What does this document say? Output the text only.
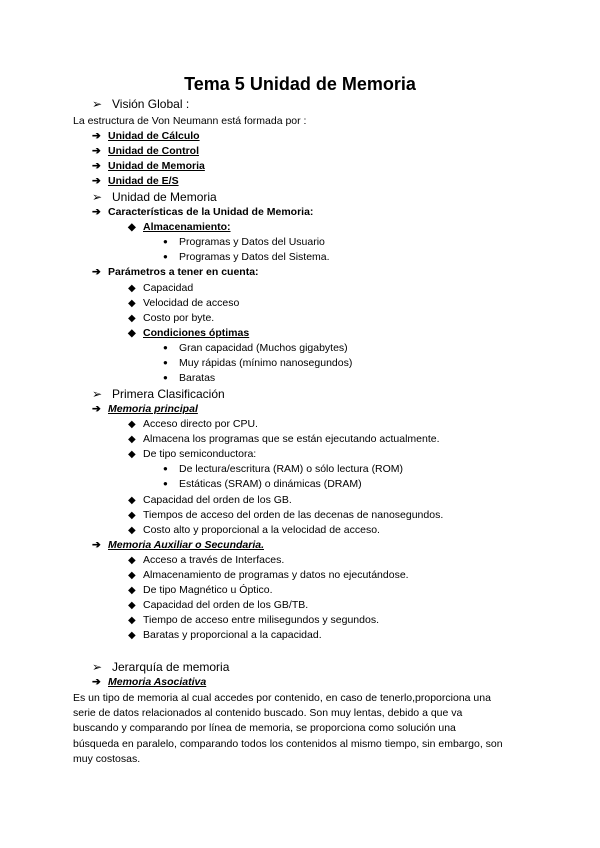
Tema 5 Unidad de Memoria
➢ Visión Global :
La estructura de Von Neumann está formada por :
➔ Unidad de Cálculo
➔ Unidad de Control
➔ Unidad de Memoria
➔ Unidad de E/S
➢ Unidad de Memoria
➔ Características de la Unidad de Memoria:
◆ Almacenamiento:
● Programas y Datos del Usuario
● Programas y Datos del Sistema.
➔ Parámetros a tener en cuenta:
◆ Capacidad
◆ Velocidad de acceso
◆ Costo por byte.
◆ Condiciones óptimas
● Gran capacidad (Muchos gigabytes)
● Muy rápidas (mínimo nanosegundos)
● Baratas
➢ Primera Clasificación
➔ Memoria principal
◆ Acceso directo por CPU.
◆ Almacena los programas que se están ejecutando actualmente.
◆ De tipo semiconductora:
● De lectura/escritura (RAM) o sólo lectura (ROM)
● Estáticas (SRAM) o dinámicas (DRAM)
◆ Capacidad del orden de los GB.
◆ Tiempos de acceso del orden de las decenas de nanosegundos.
◆ Costo alto y proporcional a la velocidad de acceso.
➔ Memoria Auxiliar o Secundaria.
◆ Acceso a través de Interfaces.
◆ Almacenamiento de programas y datos no ejecutándose.
◆ De tipo Magnético u Óptico.
◆ Capacidad del orden de los GB/TB.
◆ Tiempo de acceso entre milisegundos y segundos.
◆ Baratas y proporcional a la capacidad.
➢ Jerarquía de memoria
➔ Memoria Asociativa
Es un tipo de memoria al cual accedes por contenido, en caso de tenerlo,proporciona una
serie de datos relacionados al contenido buscado. Son muy lentas, debido a que va
buscando y comparando por línea de memoria, se proporciona como solución una
búsqueda en paralelo, comparando todos los contenidos al mismo tiempo, sin embargo, son
muy costosas.
